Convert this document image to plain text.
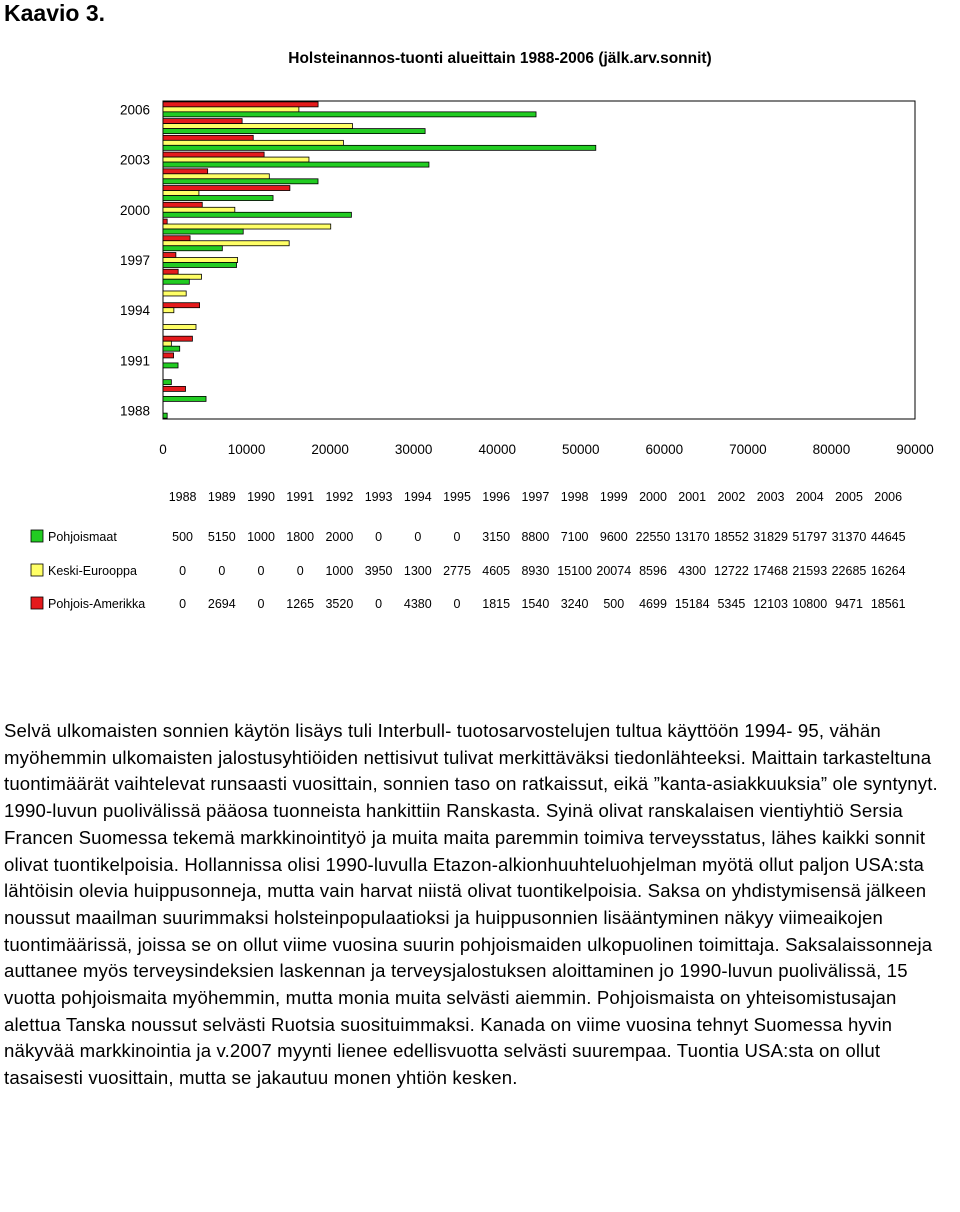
Kaavio 3.
Holsteinannos-tuonti alueittain 1988-2006 (jälk.arv.sonnit)
1988
1991
1994
1997
2000
2003
2006
0	10000	20000	30000	40000	50000	60000	70000	80000	90000
1988 1989 1990 1991 1992 1993 1994 1995 1996 1997 1998 1999 2000 2001 2002 2003 2004 2005 2006
Pohjoismaat	500 5150 1000 1800 2000 0	0	0 3150 8800 7100 9600 22550 13170 18552 31829 51797 31370 44645
Keski-Eurooppa	0	0	0	0 1000 3950 1300 2775 4605 8930 15100 20074 8596 4300 12722 17468 21593 22685 16264
Pohjois-Amerikka	0 2694 0 1265 3520 0 4380 0 1815 1540 3240 500 4699 15184 5345 12103 10800 9471 18561
Selvä ulkomaisten sonnien käytön lisäys tuli Interbull- tuotosarvostelujen tultua käyttöön 1994- 95, vähän myöhemmin ulkomaisten jalostusyhtiöiden nettisivut tulivat merkittäväksi tiedonlähteeksi. Maittain tarkasteltuna tuontimäärät vaihtelevat runsaasti vuosittain, sonnien taso on ratkaissut, eikä ”kanta-asiakkuuksia” ole syntynyt. 1990-luvun puolivälissä pääosa tuonneista hankittiin Ranskasta. Syinä olivat ranskalaisen vientiyhtiö Sersia Francen Suomessa tekemä markkinointityö ja muita maita paremmin toimiva terveysstatus, lähes kaikki sonnit olivat tuontikelpoisia. Hollannissa olisi 1990-luvulla Etazon-alkionhuuhteluohjelman myötä ollut paljon USA:sta lähtöisin olevia huippusonneja, mutta vain harvat niistä olivat tuontikelpoisia. Saksa on yhdistymisensä jälkeen noussut maailman suurimmaksi holsteinpopulaatioksi ja huippusonnien lisääntyminen näkyy viimeaikojen tuontimäärissä, joissa se on ollut viime vuosina suurin pohjoismaiden ulkopuolinen toimittaja. Saksalaissonneja auttanee myös terveysindeksien laskennan ja terveysjalostuksen aloittaminen jo 1990-luvun puolivälissä, 15 vuotta pohjoismaita myöhemmin, mutta monia muita selvästi aiemmin. Pohjoismaista on yhteisomistusajan alettua Tanska noussut selvästi Ruotsia suosituimmaksi. Kanada on viime vuosina tehnyt Suomessa hyvin näkyvää markkinointia ja v.2007 myynti lienee edellisvuotta selvästi suurempaa. Tuontia USA:sta on ollut tasaisesti vuosittain, mutta se jakautuu monen yhtiön kesken.
